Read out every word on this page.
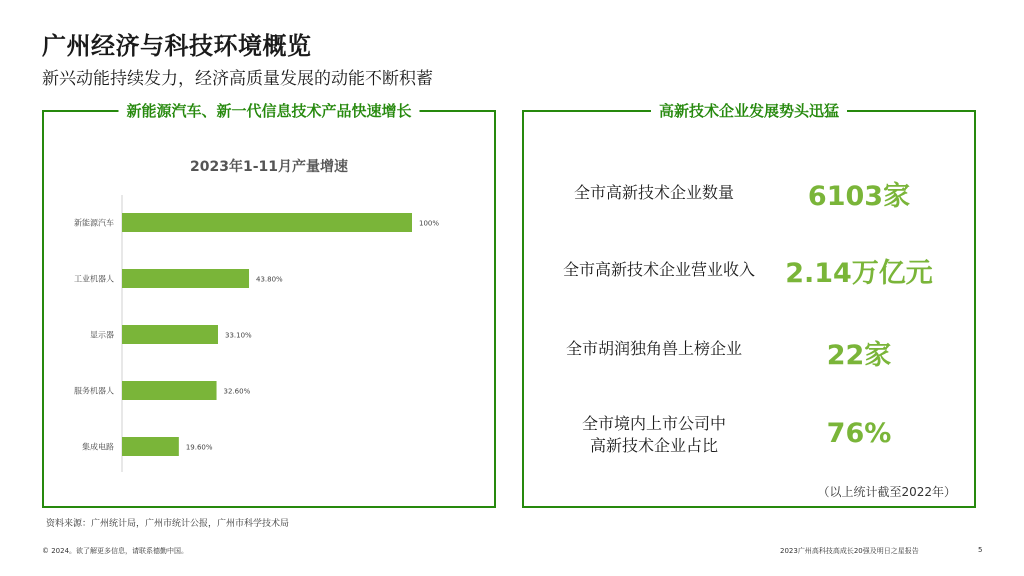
广州经济与科技环境概览
新兴动能持续发力，经济高质量发展的动能不断积蓄
新能源汽车、新一代信息技术产品快速增长
2023年1-11月产量增速
新能源汽车	100%
工业机器人	43.80%
显示器	33.10%
服务机器人	32.60%
集成电路	19.60%
高新技术企业发展势头迅猛
全市高新技术企业数量	6103家
全市高新技术企业营业收入	2.14万亿元
全市胡润独角兽上榜企业	22家
全市境内上市公司中
高新技术企业占比	76%
（以上统计截至2022年）
资料来源：广州统计局，广州市统计公报，广州市科学技术局
© 2024。欲了解更多信息，请联系德勤中国。	2023广州高科技高成长20强及明日之星报告	5
